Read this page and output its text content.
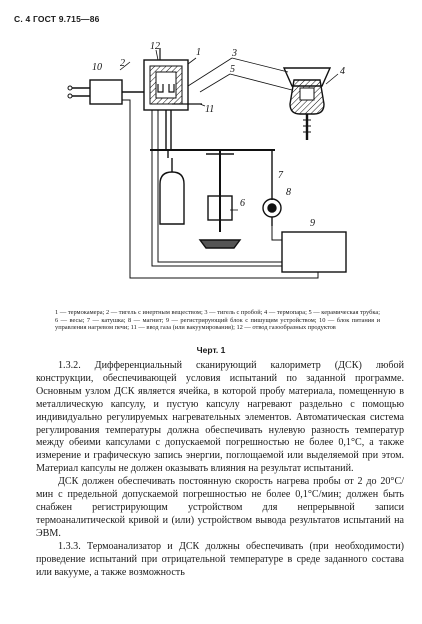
С. 4 ГОСТ 9.715—86
12
1
2
10
3
5	4
11
6
7
8
9
1 — термокамера; 2 — тигель с инертным веществом; 3 — тигель с пробой; 4 — термопара; 5 — керамическая трубка; 6 — весы; 7 — катушка; 8 — магнит; 9 — регистрирующий блок с пишущим устройством; 10 — блок питания и управления нагревом печи; 11 — ввод газа (или вакуумирования); 12 — отвод газообразных продуктов
Черт. 1

1.3.2. Дифференциальный сканирующий калориметр (ДСК) любой конструкции, обеспечивающей условия испытаний по заданной программе. Основным узлом ДСК является ячейка, в которой пробу материала, помещенную в металлическую капсулу, и пустую капсулу нагревают раздельно с помощью индивидуально регулируемых нагревательных элементов. Автоматическая система регулирования температуры должна обеспечивать нулевую разность температур между обеими капсулами с допускаемой погрешностью не более 0,1°С, а также измерение и графическую запись энергии, поглощаемой или выделяемой при этом. Материал капсулы не должен оказывать влияния на результат испытаний.

ДСК должен обеспечивать постоянную скорость нагрева пробы от 2 до 20°С/мин с предельной допускаемой погрешностью не более 0,1°С/мин; должен быть снабжен регистрирующим устройством для непрерывной записи термоаналитической кривой и (или) устройством вывода результатов испытаний на ЭВМ.

1.3.3. Термоанализатор и ДСК должны обеспечивать (при необходимости) проведение испытаний при отрицательной температуре в среде заданного состава или вакууме, а также возможность
